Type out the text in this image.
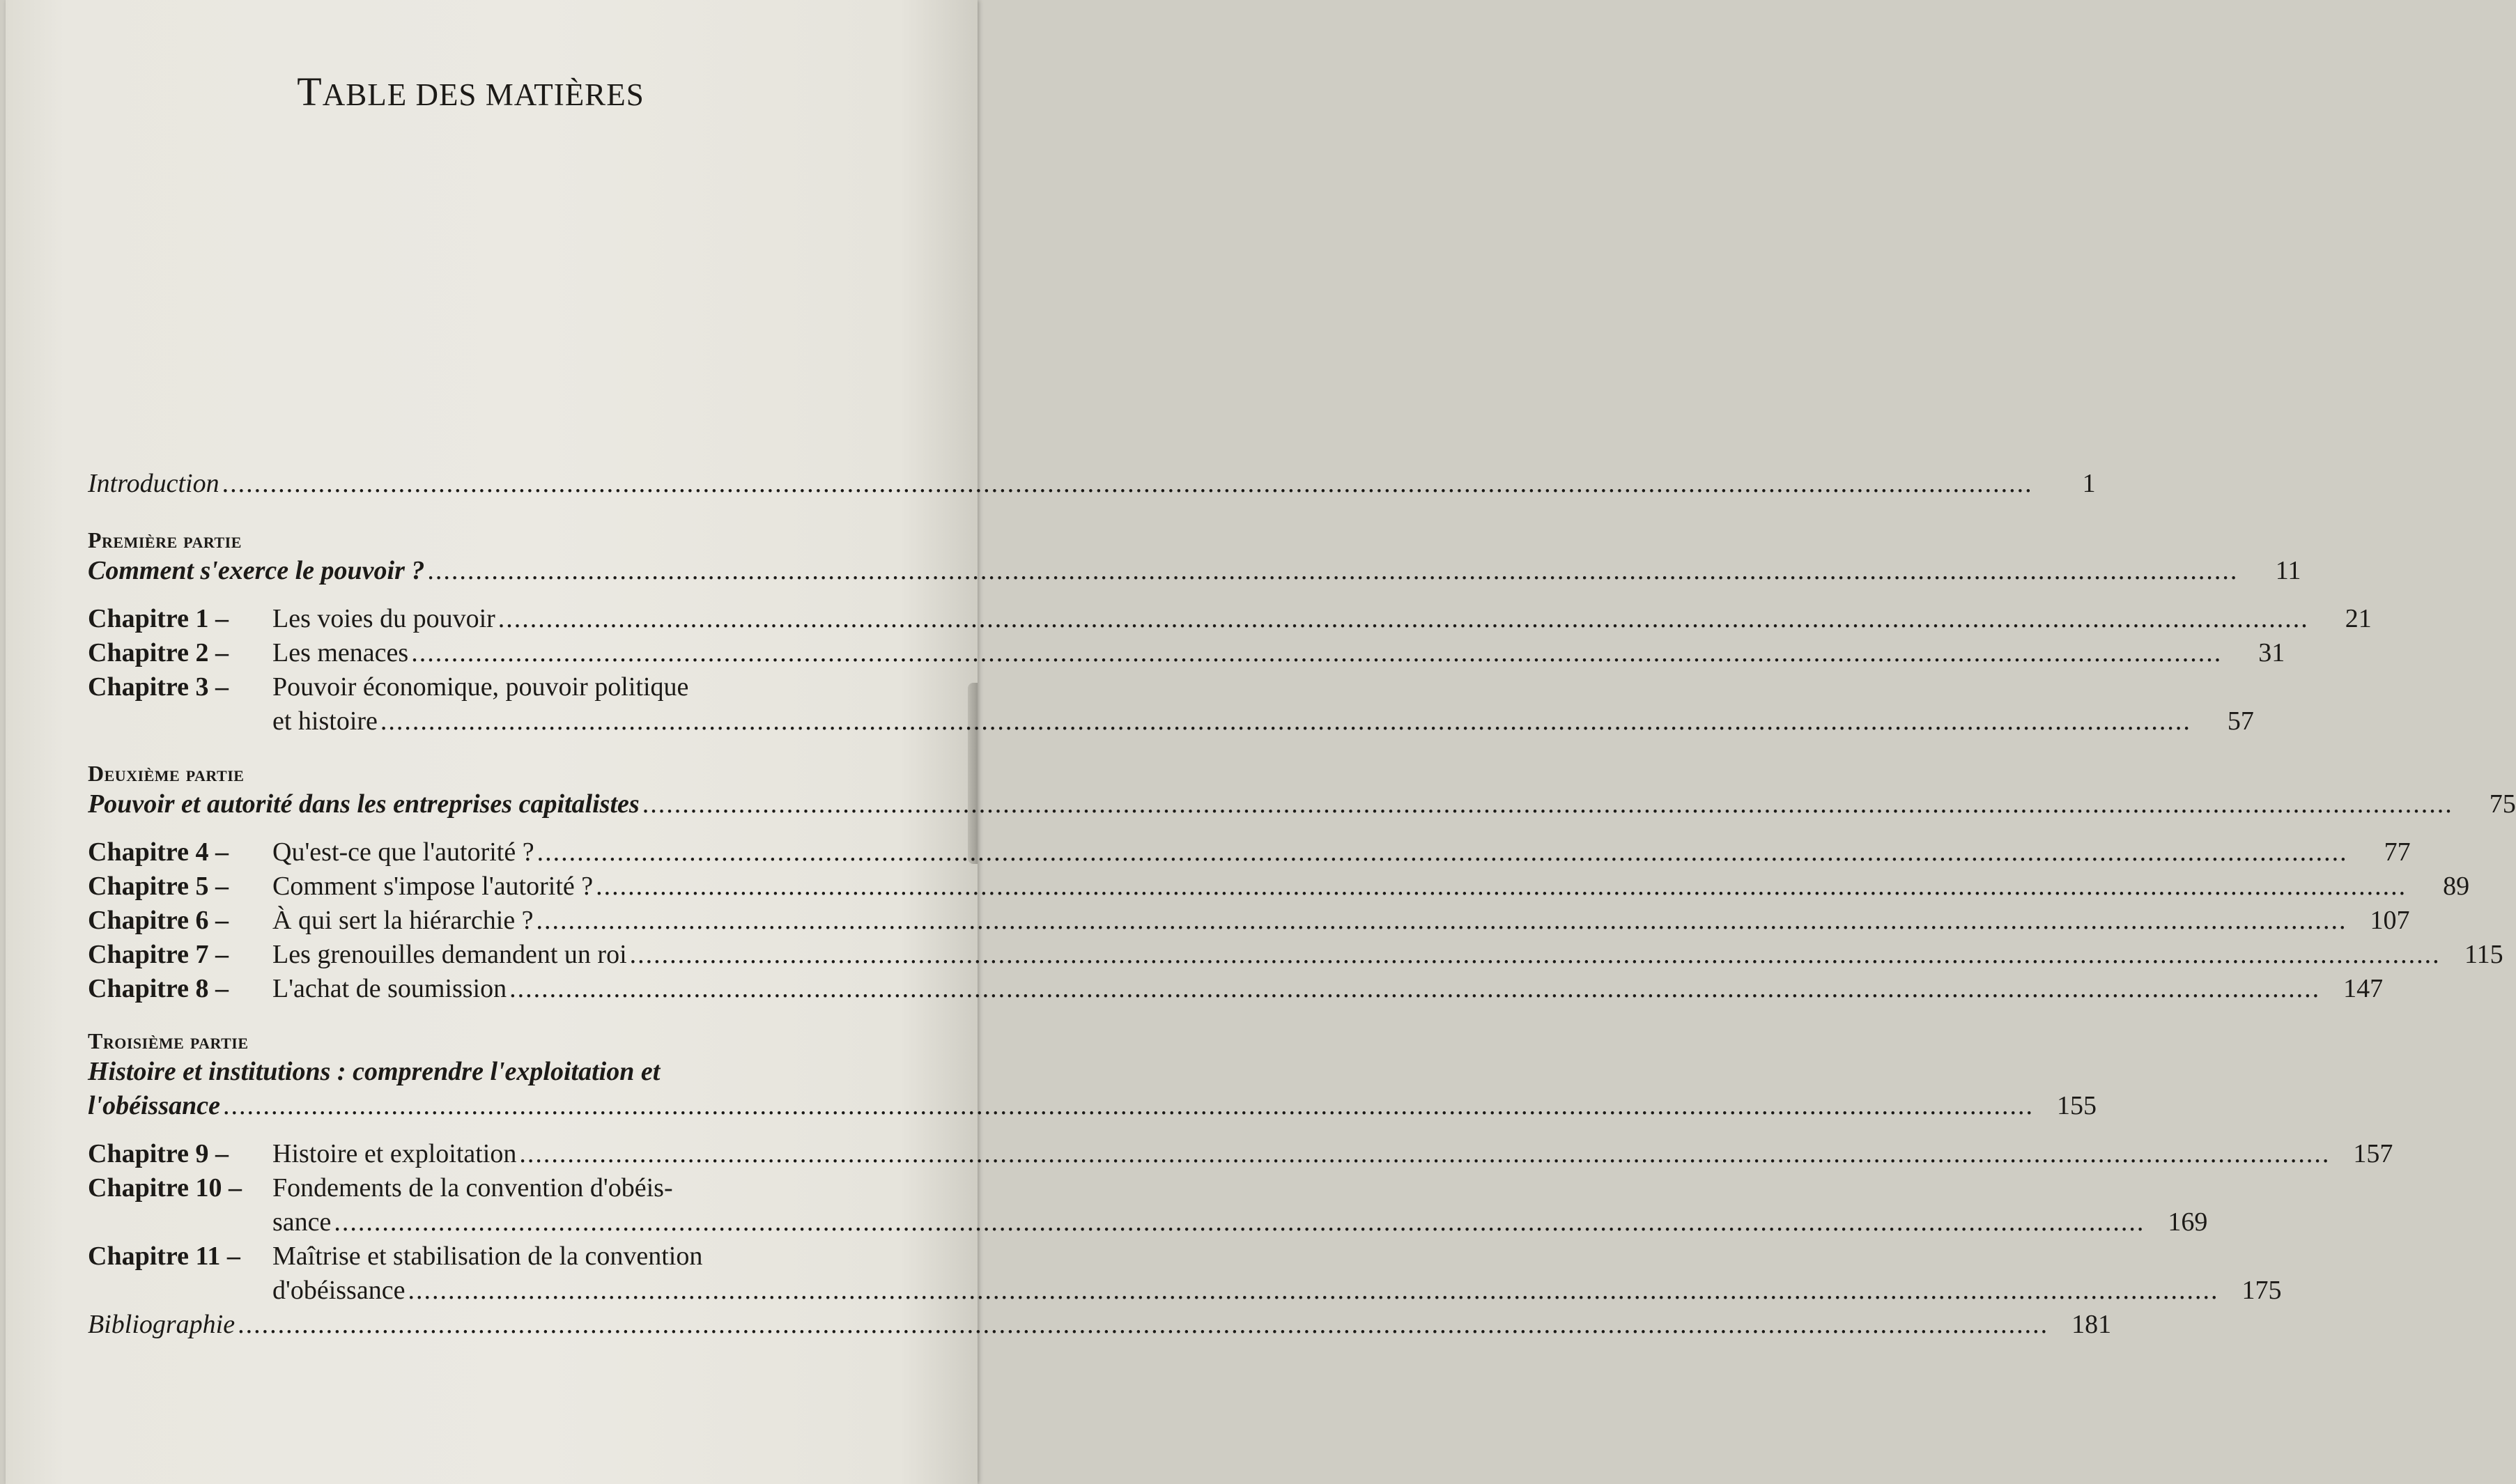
TABLE DES MATIÈRES
Introduction .....	1
Première partie
Comment s'exerce le pouvoir ? .....	11
Chapitre 1 –	Les voies du pouvoir .....	21
Chapitre 2 –	Les menaces .....	31
Chapitre 3 –	Pouvoir économique, pouvoir politique
et histoire .....	57
Deuxième partie
Pouvoir et autorité dans les entreprises capitalistes .....	75
Chapitre 4 –	Qu'est-ce que l'autorité ? .....	77
Chapitre 5 –	Comment s'impose l'autorité ? .....	89
Chapitre 6 –	À qui sert la hiérarchie ? .....	107
Chapitre 7 –	Les grenouilles demandent un roi .....	115
Chapitre 8 –	L'achat de soumission .....	147
Troisième partie
Histoire et institutions : comprendre l'exploitation et
l'obéissance .....	155
Chapitre 9 –	Histoire et exploitation .....	157
Chapitre 10 –	Fondements de la convention d'obéis-
sance .....	169
Chapitre 11 –	Maîtrise et stabilisation de la convention
d'obéissance .....	175
Bibliographie .....	181
